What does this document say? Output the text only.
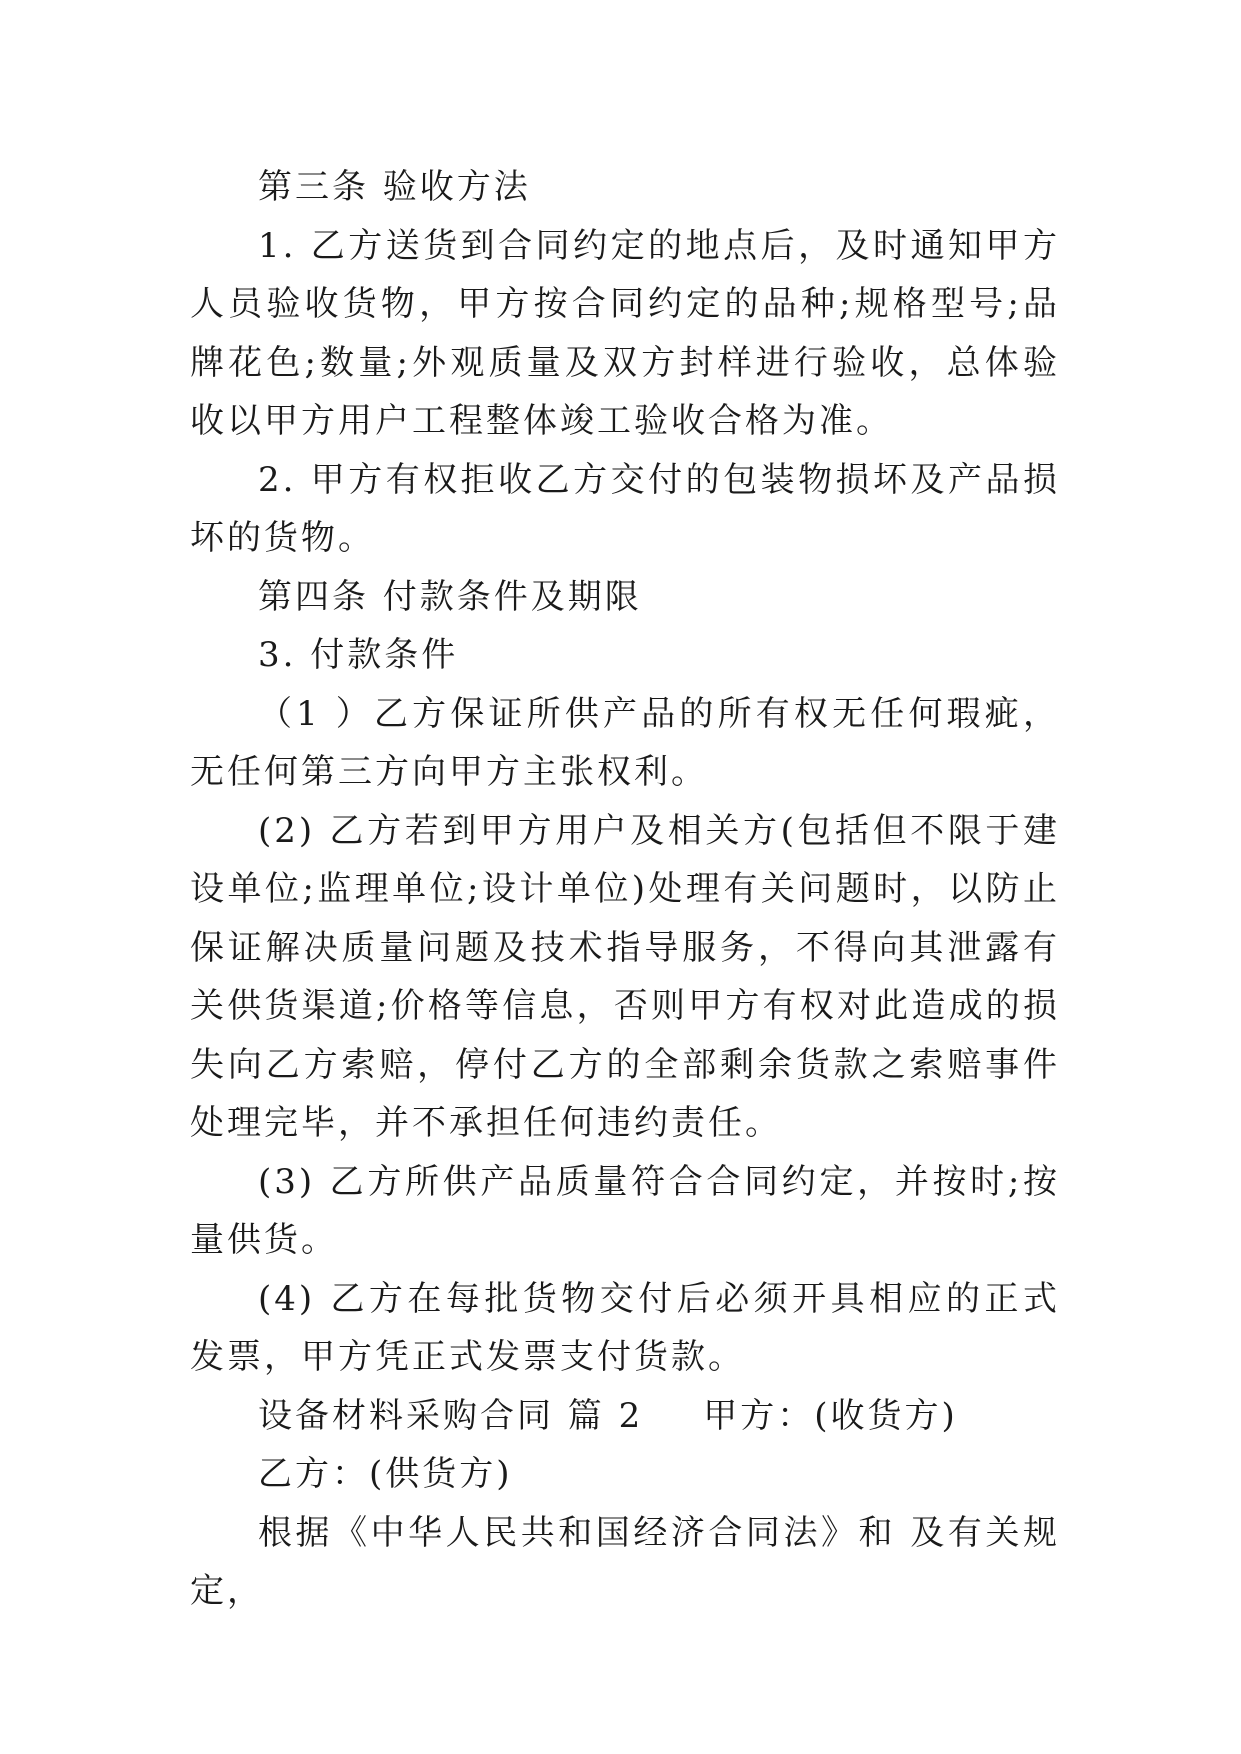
第三条 验收方法

1. 乙方送货到合同约定的地点后，及时通知甲方人员验收货物，甲方按合同约定的品种;规格型号;品牌花色;数量;外观质量及双方封样进行验收，总体验收以甲方用户工程整体竣工验收合格为准。

2. 甲方有权拒收乙方交付的包装物损坏及产品损坏的货物。

第四条 付款条件及期限

3. 付款条件

（1 ）乙方保证所供产品的所有权无任何瑕疵，无任何第三方向甲方主张权利。

(2) 乙方若到甲方用户及相关方(包括但不限于建设单位;监理单位;设计单位)处理有关问题时，以防止保证解决质量问题及技术指导服务，不得向其泄露有关供货渠道;价格等信息，否则甲方有权对此造成的损失向乙方索赔，停付乙方的全部剩余货款之索赔事件处理完毕，并不承担任何违约责任。

(3) 乙方所供产品质量符合合同约定，并按时;按量供货。

(4) 乙方在每批货物交付后必须开具相应的正式发票，甲方凭正式发票支付货款。

设备材料采购合同 篇 2 甲方：(收货方)

乙方：(供货方)

根据《中华人民共和国经济合同法》和 及有关规定，
